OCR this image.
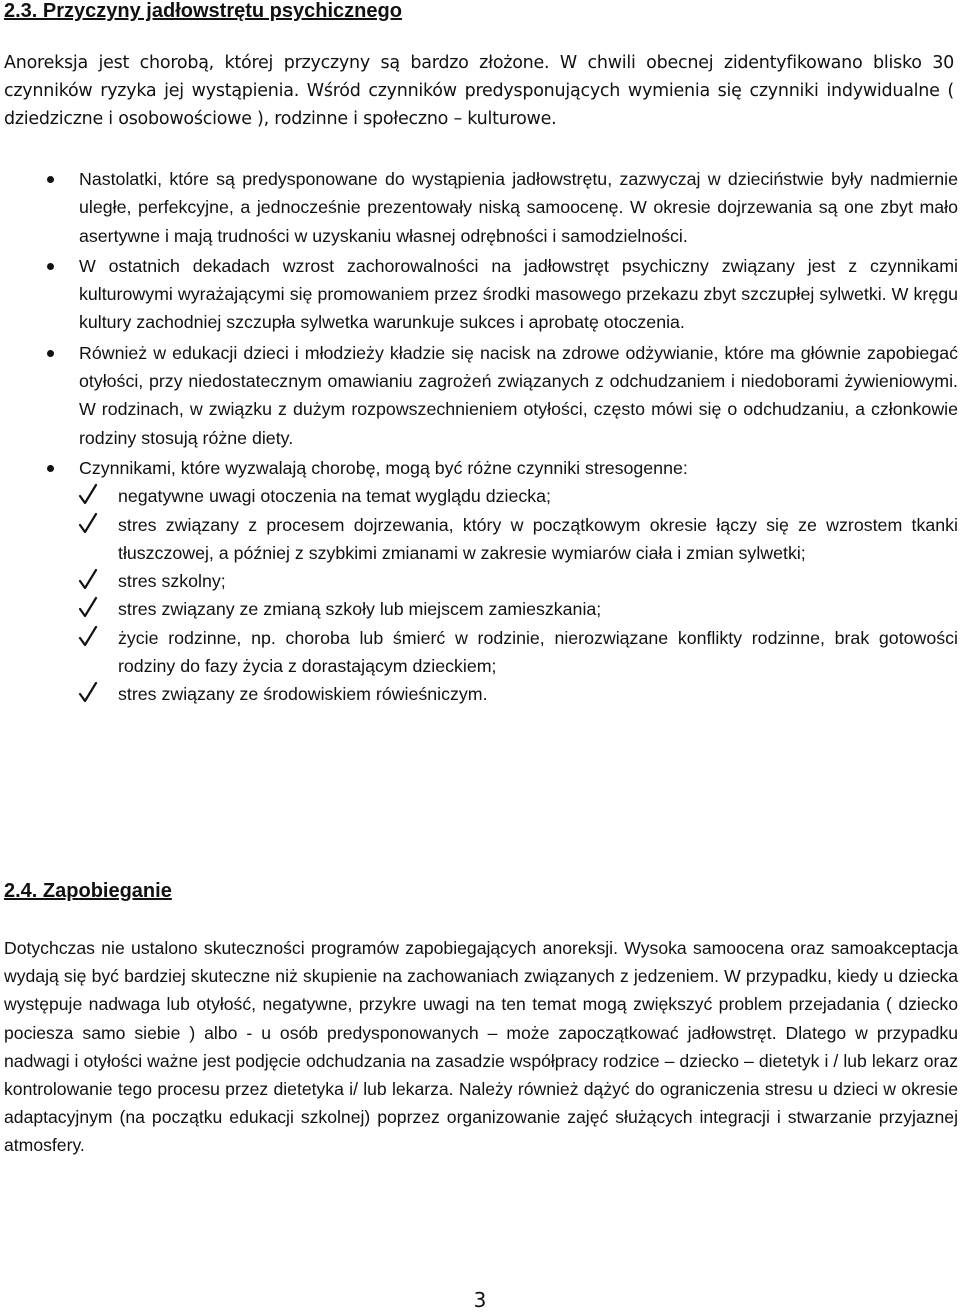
2.3. Przyczyny jadłowstrętu psychicznego

Anoreksja jest chorobą, której przyczyny są bardzo złożone. W chwili obecnej zidentyfikowano blisko 30 czynników ryzyka jej wystąpienia. Wśród czynników predysponujących wymienia się czynniki indywidualne ( dziedziczne i osobowościowe ), rodzinne i społeczno – kulturowe.

Nastolatki, które są predysponowane do wystąpienia jadłowstrętu, zazwyczaj w dzieciństwie były nadmiernie uległe, perfekcyjne, a jednocześnie prezentowały niską samoocenę. W okresie dojrzewania są one zbyt mało asertywne i mają trudności w uzyskaniu własnej odrębności i samodzielności.
W ostatnich dekadach wzrost zachorowalności na jadłowstręt psychiczny związany jest z czynnikami kulturowymi wyrażającymi się promowaniem przez środki masowego przekazu zbyt szczupłej sylwetki. W kręgu kultury zachodniej szczupła sylwetka warunkuje sukces i aprobatę otoczenia.
Również w edukacji dzieci i młodzieży kładzie się nacisk na zdrowe odżywianie, które ma głównie zapobiegać otyłości, przy niedostatecznym omawianiu zagrożeń związanych z odchudzaniem i niedoborami żywieniowymi. W rodzinach, w związku z dużym rozpowszechnieniem otyłości, często mówi się o odchudzaniu, a członkowie rodziny stosują różne diety.
Czynnikami, które wyzwalają chorobę, mogą być różne czynniki stresogenne:
negatywne uwagi otoczenia na temat wyglądu dziecka;
stres związany z procesem dojrzewania, który w początkowym okresie łączy się ze wzrostem tkanki tłuszczowej, a później z szybkimi zmianami w zakresie wymiarów ciała i zmian sylwetki;
stres szkolny;
stres związany ze zmianą szkoły lub miejscem zamieszkania;
życie rodzinne, np. choroba lub śmierć w rodzinie, nierozwiązane konflikty rodzinne, brak gotowości rodziny do fazy życia z dorastającym dzieckiem;
stres związany ze środowiskiem rówieśniczym.
2.4. Zapobieganie

Dotychczas nie ustalono skuteczności programów zapobiegających anoreksji. Wysoka samoocena oraz samoakceptacja wydają się być bardziej skuteczne niż skupienie na zachowaniach związanych z jedzeniem. W przypadku, kiedy u dziecka występuje nadwaga lub otyłość, negatywne, przykre uwagi na ten temat mogą zwiększyć problem przejadania ( dziecko pociesza samo siebie ) albo - u osób predysponowanych – może zapoczątkować jadłowstręt. Dlatego w przypadku nadwagi i otyłości ważne jest podjęcie odchudzania na zasadzie współpracy rodzice – dziecko – dietetyk i / lub lekarz oraz kontrolowanie tego procesu przez dietetyka i/ lub lekarza. Należy również dążyć do ograniczenia stresu u dzieci w okresie adaptacyjnym (na początku edukacji szkolnej) poprzez organizowanie zajęć służących integracji i stwarzanie przyjaznej atmosfery.

3
